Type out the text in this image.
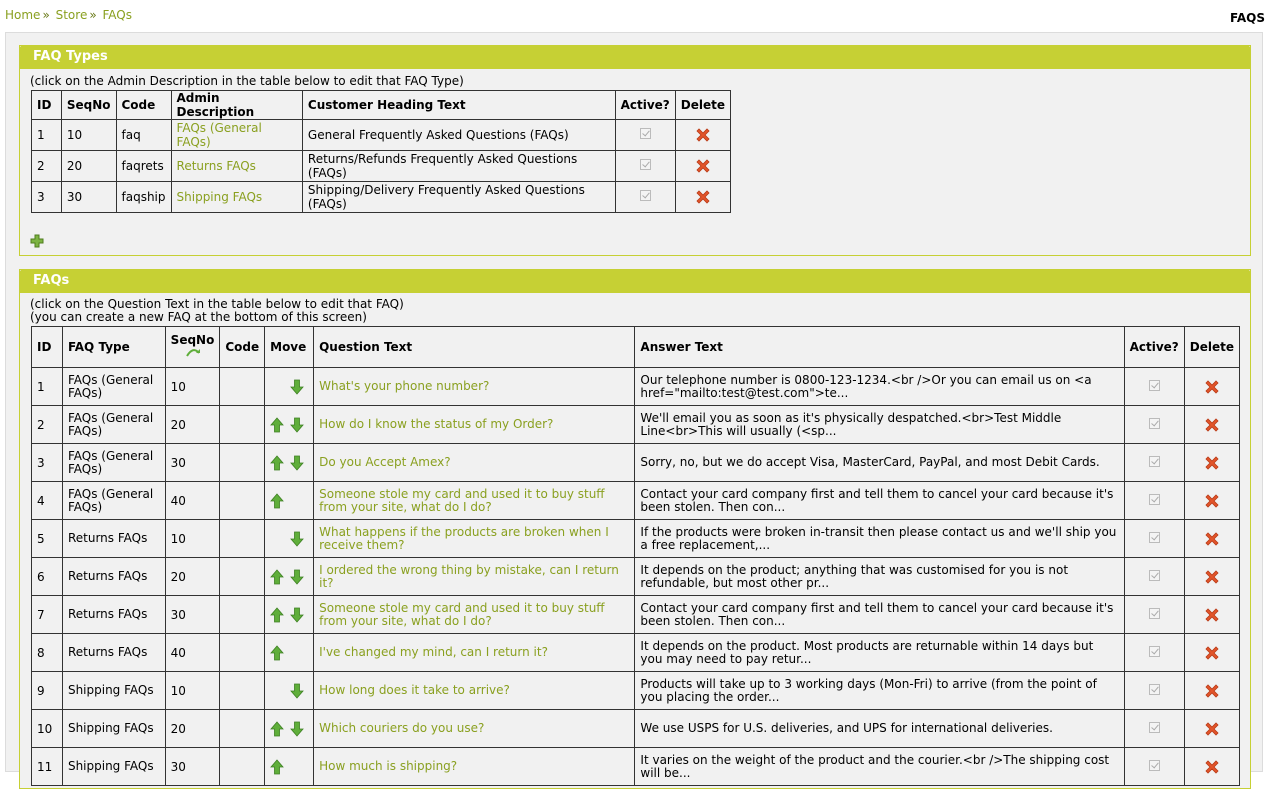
Home » Store » FAQs	FAQS
FAQ Types
(click on the Admin Description in the table below to edit that FAQ Type)
ID	SeqNo	Code	Admin Description	Customer Heading Text	Active?	Delete
1	10	faq	FAQs (General FAQs)	General Frequently Asked Questions (FAQs)		
2	20	faqrets	Returns FAQs	Returns/Refunds Frequently Asked Questions (FAQs)		
3	30	faqship	Shipping FAQs	Shipping/Delivery Frequently Asked Questions (FAQs)		
FAQs
(click on the Question Text in the table below to edit that FAQ)
(you can create a new FAQ at the bottom of this screen)
ID	FAQ Type	SeqNo	Code	Move	Question Text	Answer Text	Active?	Delete
1	FAQs (General FAQs)	10			What's your phone number?	Our telephone number is 0800-123-1234.<br />Or you can email us on <a href="mailto:test@test.com">te...		
2	FAQs (General FAQs)	20			How do I know the status of my Order?	We'll email you as soon as it's physically despatched.<br>Test Middle Line<br>This will usually (<sp...		
3	FAQs (General FAQs)	30			Do you Accept Amex?	Sorry, no, but we do accept Visa, MasterCard, PayPal, and most Debit Cards.		
4	FAQs (General FAQs)	40			Someone stole my card and used it to buy stuff from your site, what do I do?	Contact your card company first and tell them to cancel your card because it's been stolen. Then con...		
5	Returns FAQs	10			What happens if the products are broken when I receive them?	If the products were broken in-transit then please contact us and we'll ship you a free replacement,...		
6	Returns FAQs	20			I ordered the wrong thing by mistake, can I return it?	It depends on the product; anything that was customised for you is not refundable, but most other pr...		
7	Returns FAQs	30			Someone stole my card and used it to buy stuff from your site, what do I do?	Contact your card company first and tell them to cancel your card because it's been stolen. Then con...		
8	Returns FAQs	40			I've changed my mind, can I return it?	It depends on the product. Most products are returnable within 14 days but you may need to pay retur...		
9	Shipping FAQs	10			How long does it take to arrive?	Products will take up to 3 working days (Mon-Fri) to arrive (from the point of you placing the order...		
10	Shipping FAQs	20			Which couriers do you use?	We use USPS for U.S. deliveries, and UPS for international deliveries.		
11	Shipping FAQs	30			How much is shipping?	It varies on the weight of the product and the courier.<br />The shipping cost will be...		
